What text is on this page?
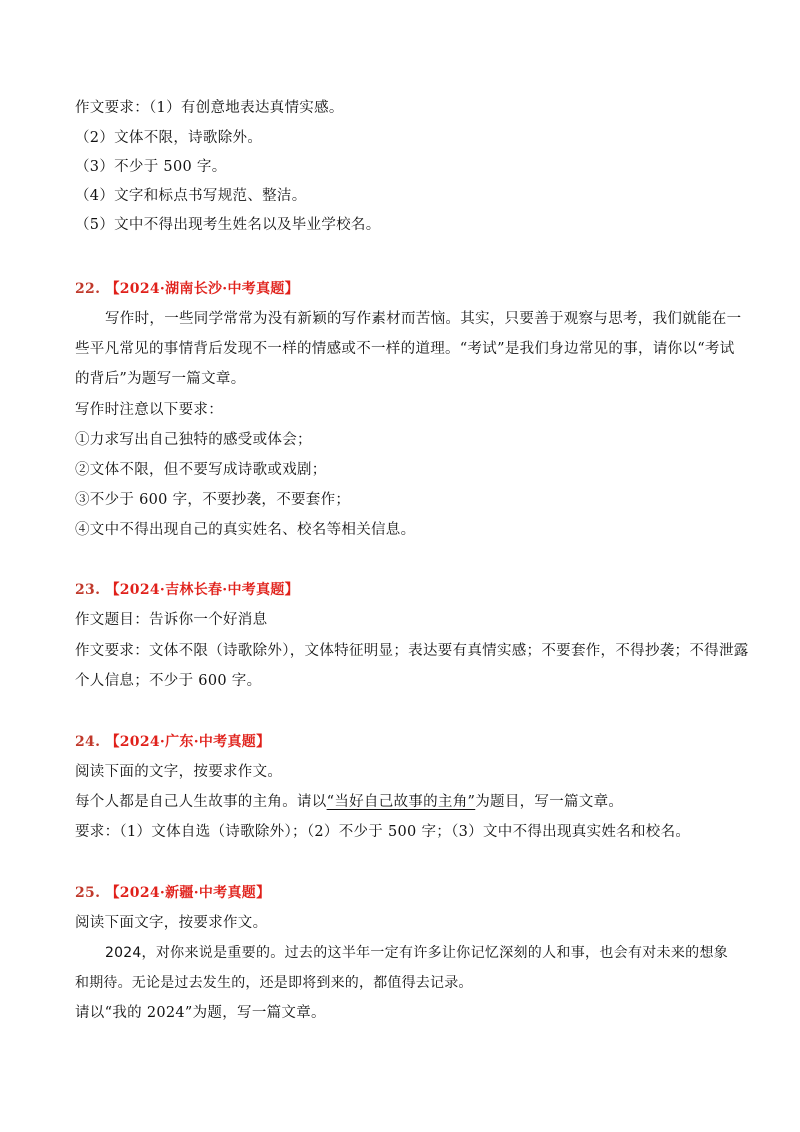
作文要求：（1）有创意地表达真情实感。
（2）文体不限，诗歌除外。
（3）不少于 500 字。
（4）文字和标点书写规范、整洁。
（5）文中不得出现考生姓名以及毕业学校名。
22. 【2024·湖南长沙·中考真题】
写作时，一些同学常常为没有新颖的写作素材而苦恼。其实，只要善于观察与思考，我们就能在一
些平凡常见的事情背后发现不一样的情感或不一样的道理。“考试”是我们身边常见的事，请你以“考试
的背后”为题写一篇文章。
写作时注意以下要求：
①力求写出自己独特的感受或体会；
②文体不限，但不要写成诗歌或戏剧；
③不少于 600 字，不要抄袭，不要套作；
④文中不得出现自己的真实姓名、校名等相关信息。
23. 【2024·吉林长春·中考真题】
作文题目：告诉你一个好消息
作文要求：文体不限（诗歌除外），文体特征明显；表达要有真情实感；不要套作，不得抄袭；不得泄露
个人信息；不少于 600 字。
24. 【2024·广东·中考真题】
阅读下面的文字，按要求作文。
每个人都是自己人生故事的主角。请以“当好自己故事的主角”为题目，写一篇文章。
要求：（1）文体自选（诗歌除外）；（2）不少于 500 字；（3）文中不得出现真实姓名和校名。
25. 【2024·新疆·中考真题】
阅读下面文字，按要求作文。
2024，对你来说是重要的。过去的这半年一定有许多让你记忆深刻的人和事，也会有对未来的想象
和期待。无论是过去发生的，还是即将到来的，都值得去记录。
请以“我的 2024”为题，写一篇文章。
